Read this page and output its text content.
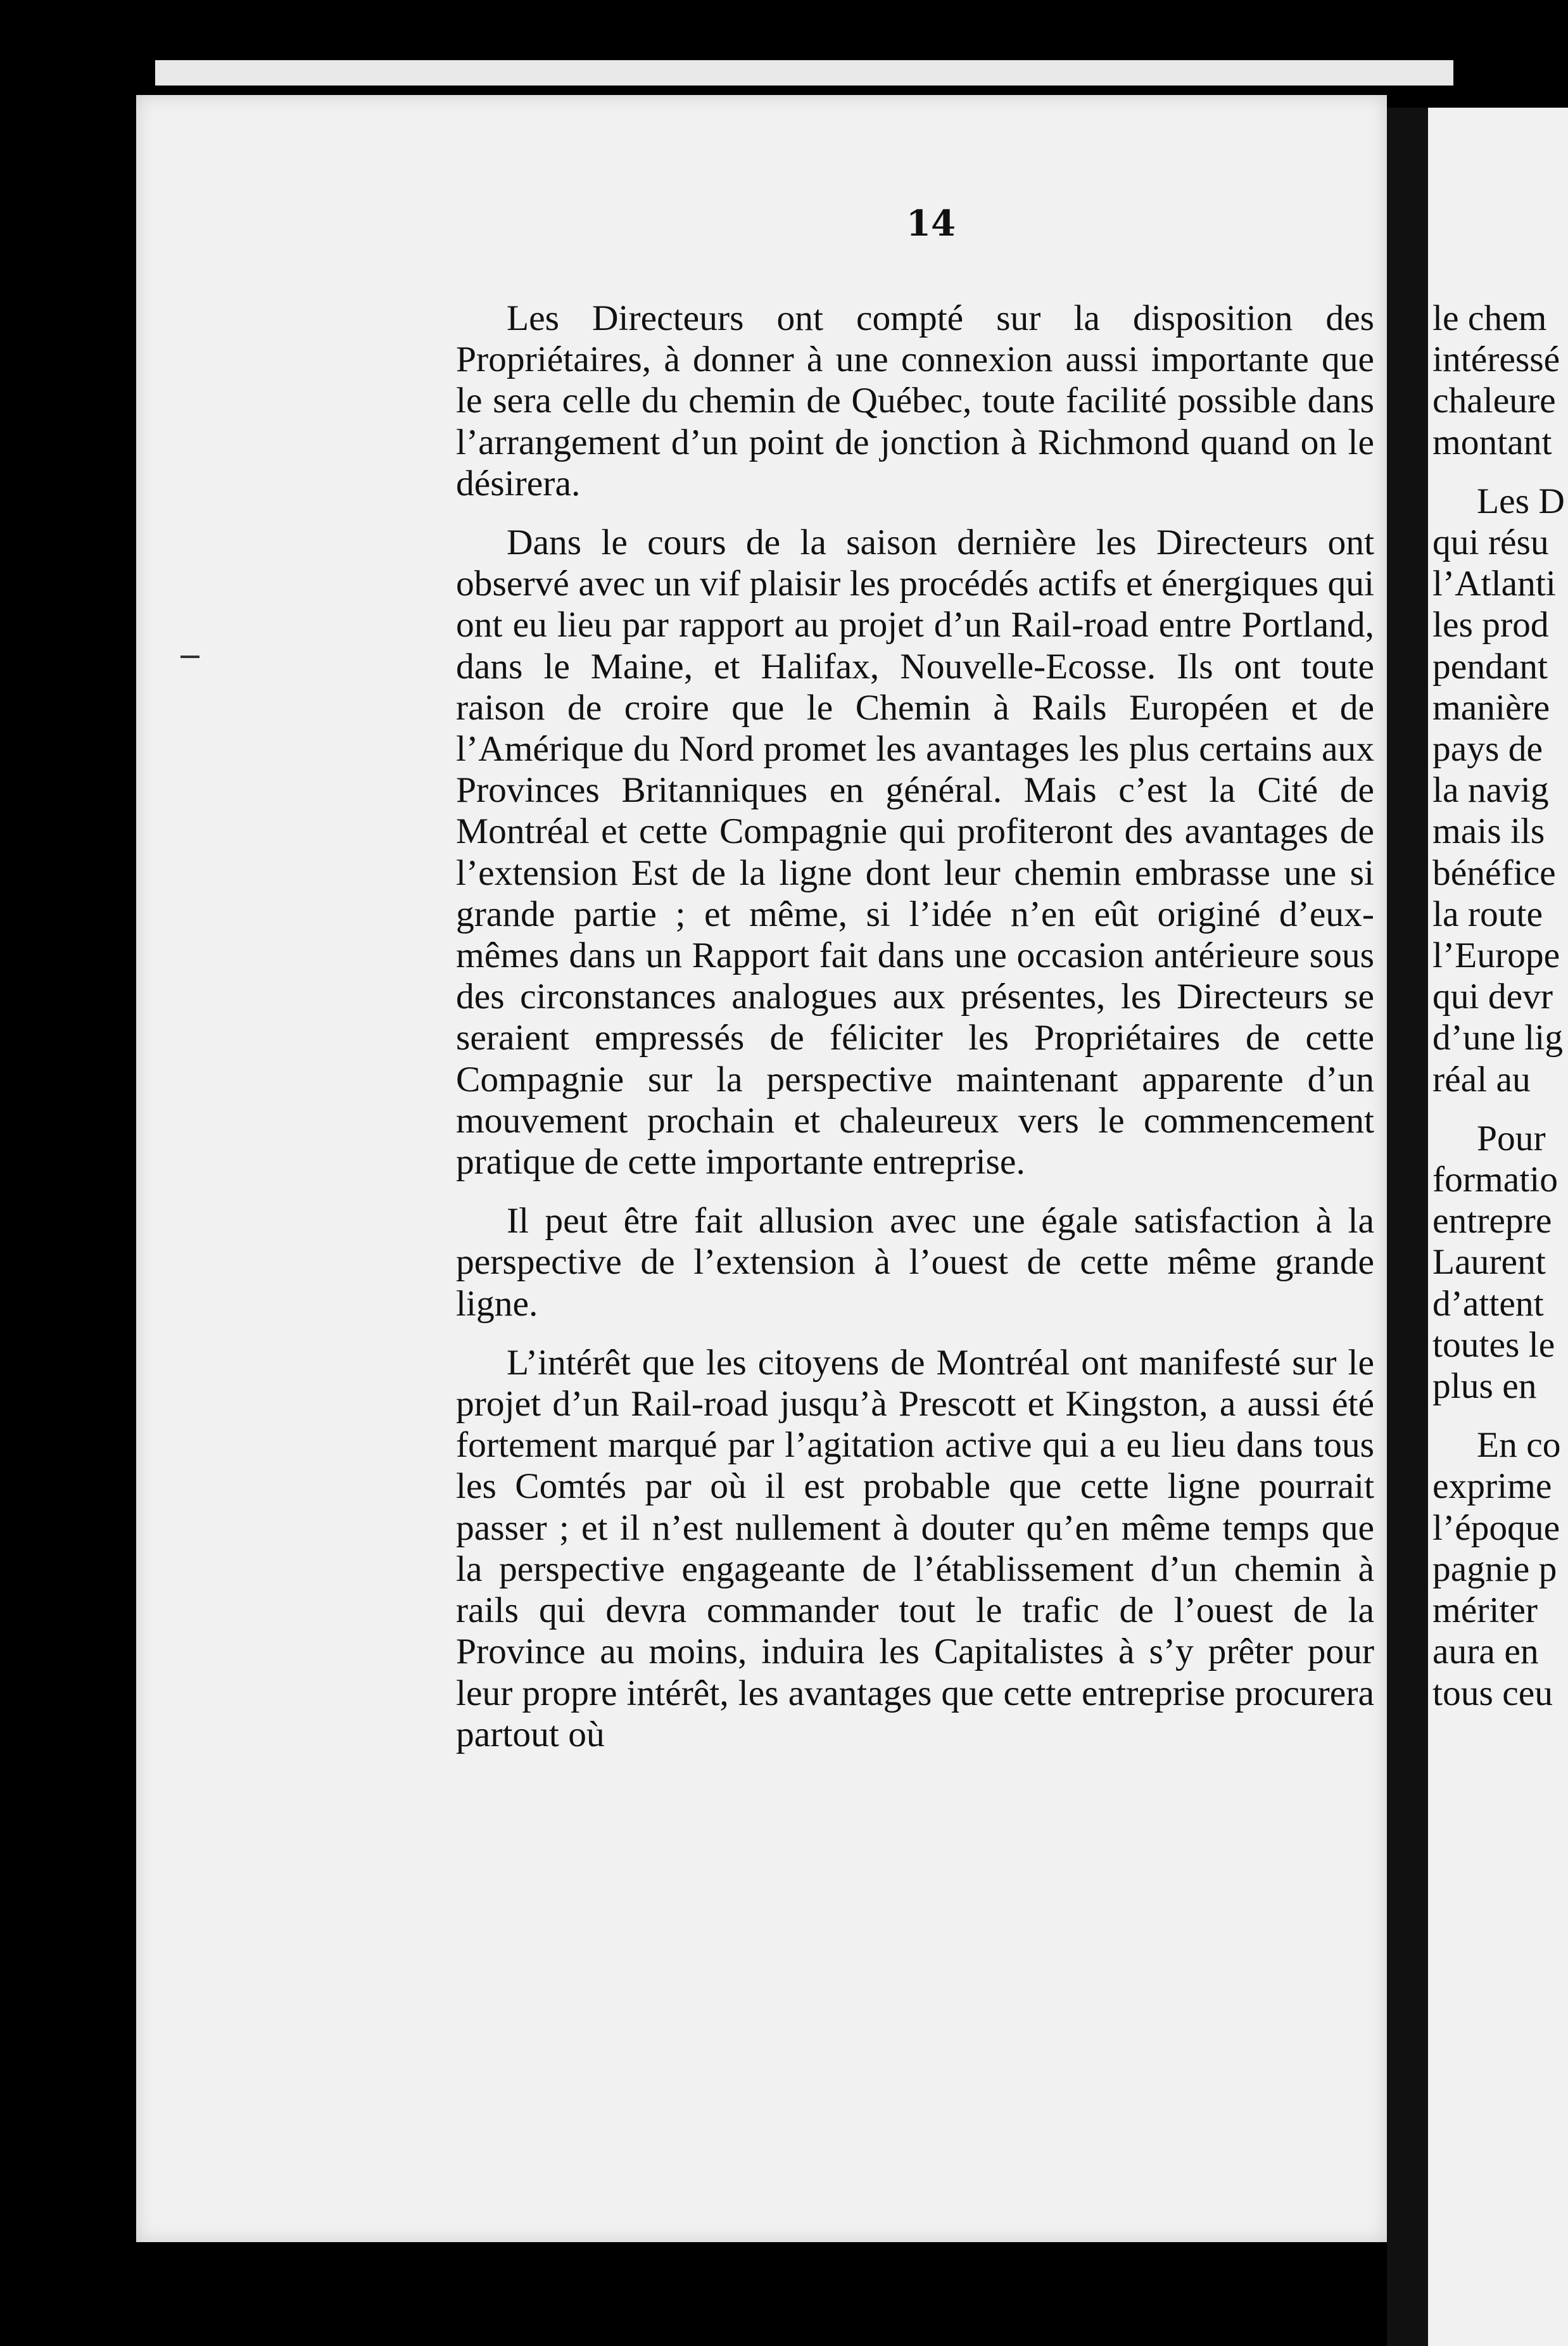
14

Les Directeurs ont compté sur la disposition des Propriétaires, à donner à une connexion aussi importante que le sera celle du chemin de Québec, toute facilité possible dans l’arrangement d’un point de jonction à Richmond quand on le désirera.

Dans le cours de la saison dernière les Directeurs ont observé avec un vif plaisir les procédés actifs et énergiques qui ont eu lieu par rapport au projet d’un Rail-road entre Portland, dans le Maine, et Halifax, Nouvelle-Ecosse. Ils ont toute raison de croire que le Chemin à Rails Européen et de l’Amérique du Nord promet les avantages les plus certains aux Provinces Britanniques en général. Mais c’est la Cité de Montréal et cette Compagnie qui profiteront des avantages de l’extension Est de la ligne dont leur chemin embrasse une si grande partie ; et même, si l’idée n’en eût originé d’eux-mêmes dans un Rapport fait dans une occasion antérieure sous des circonstances analogues aux présentes, les Directeurs se seraient empressés de féliciter les Propriétaires de cette Compagnie sur la perspective maintenant apparente d’un mouvement prochain et chaleureux vers le commencement pratique de cette importante entreprise.

Il peut être fait allusion avec une égale satisfaction à la perspective de l’extension à l’ouest de cette même grande ligne.

L’intérêt que les citoyens de Montréal ont manifesté sur le projet d’un Rail-road jusqu’à Prescott et Kingston, a aussi été fortement marqué par l’agitation active qui a eu lieu dans tous les Comtés par où il est probable que cette ligne pourrait passer ; et il n’est nullement à douter qu’en même temps que la perspective engageante de l’établissement d’un chemin à rails qui devra commander tout le trafic de l’ouest de la Province au moins, induira les Capitalistes à s’y prêter pour leur propre intérêt, les avantages que cette entreprise procurera partout où

le chem
intéressé
chaleure
montant
Les D
qui résu
l’Atlanti
les prod
pendant
manière
pays de
la navig
mais ils
bénéfice
la route
l’Europe
qui devr
d’une lig
réal au
Pour
formatio
entrepre
Laurent
d’attent
toutes le
plus en
En co
exprime
l’époque
pagnie p
mériter
aura en
tous ceu
